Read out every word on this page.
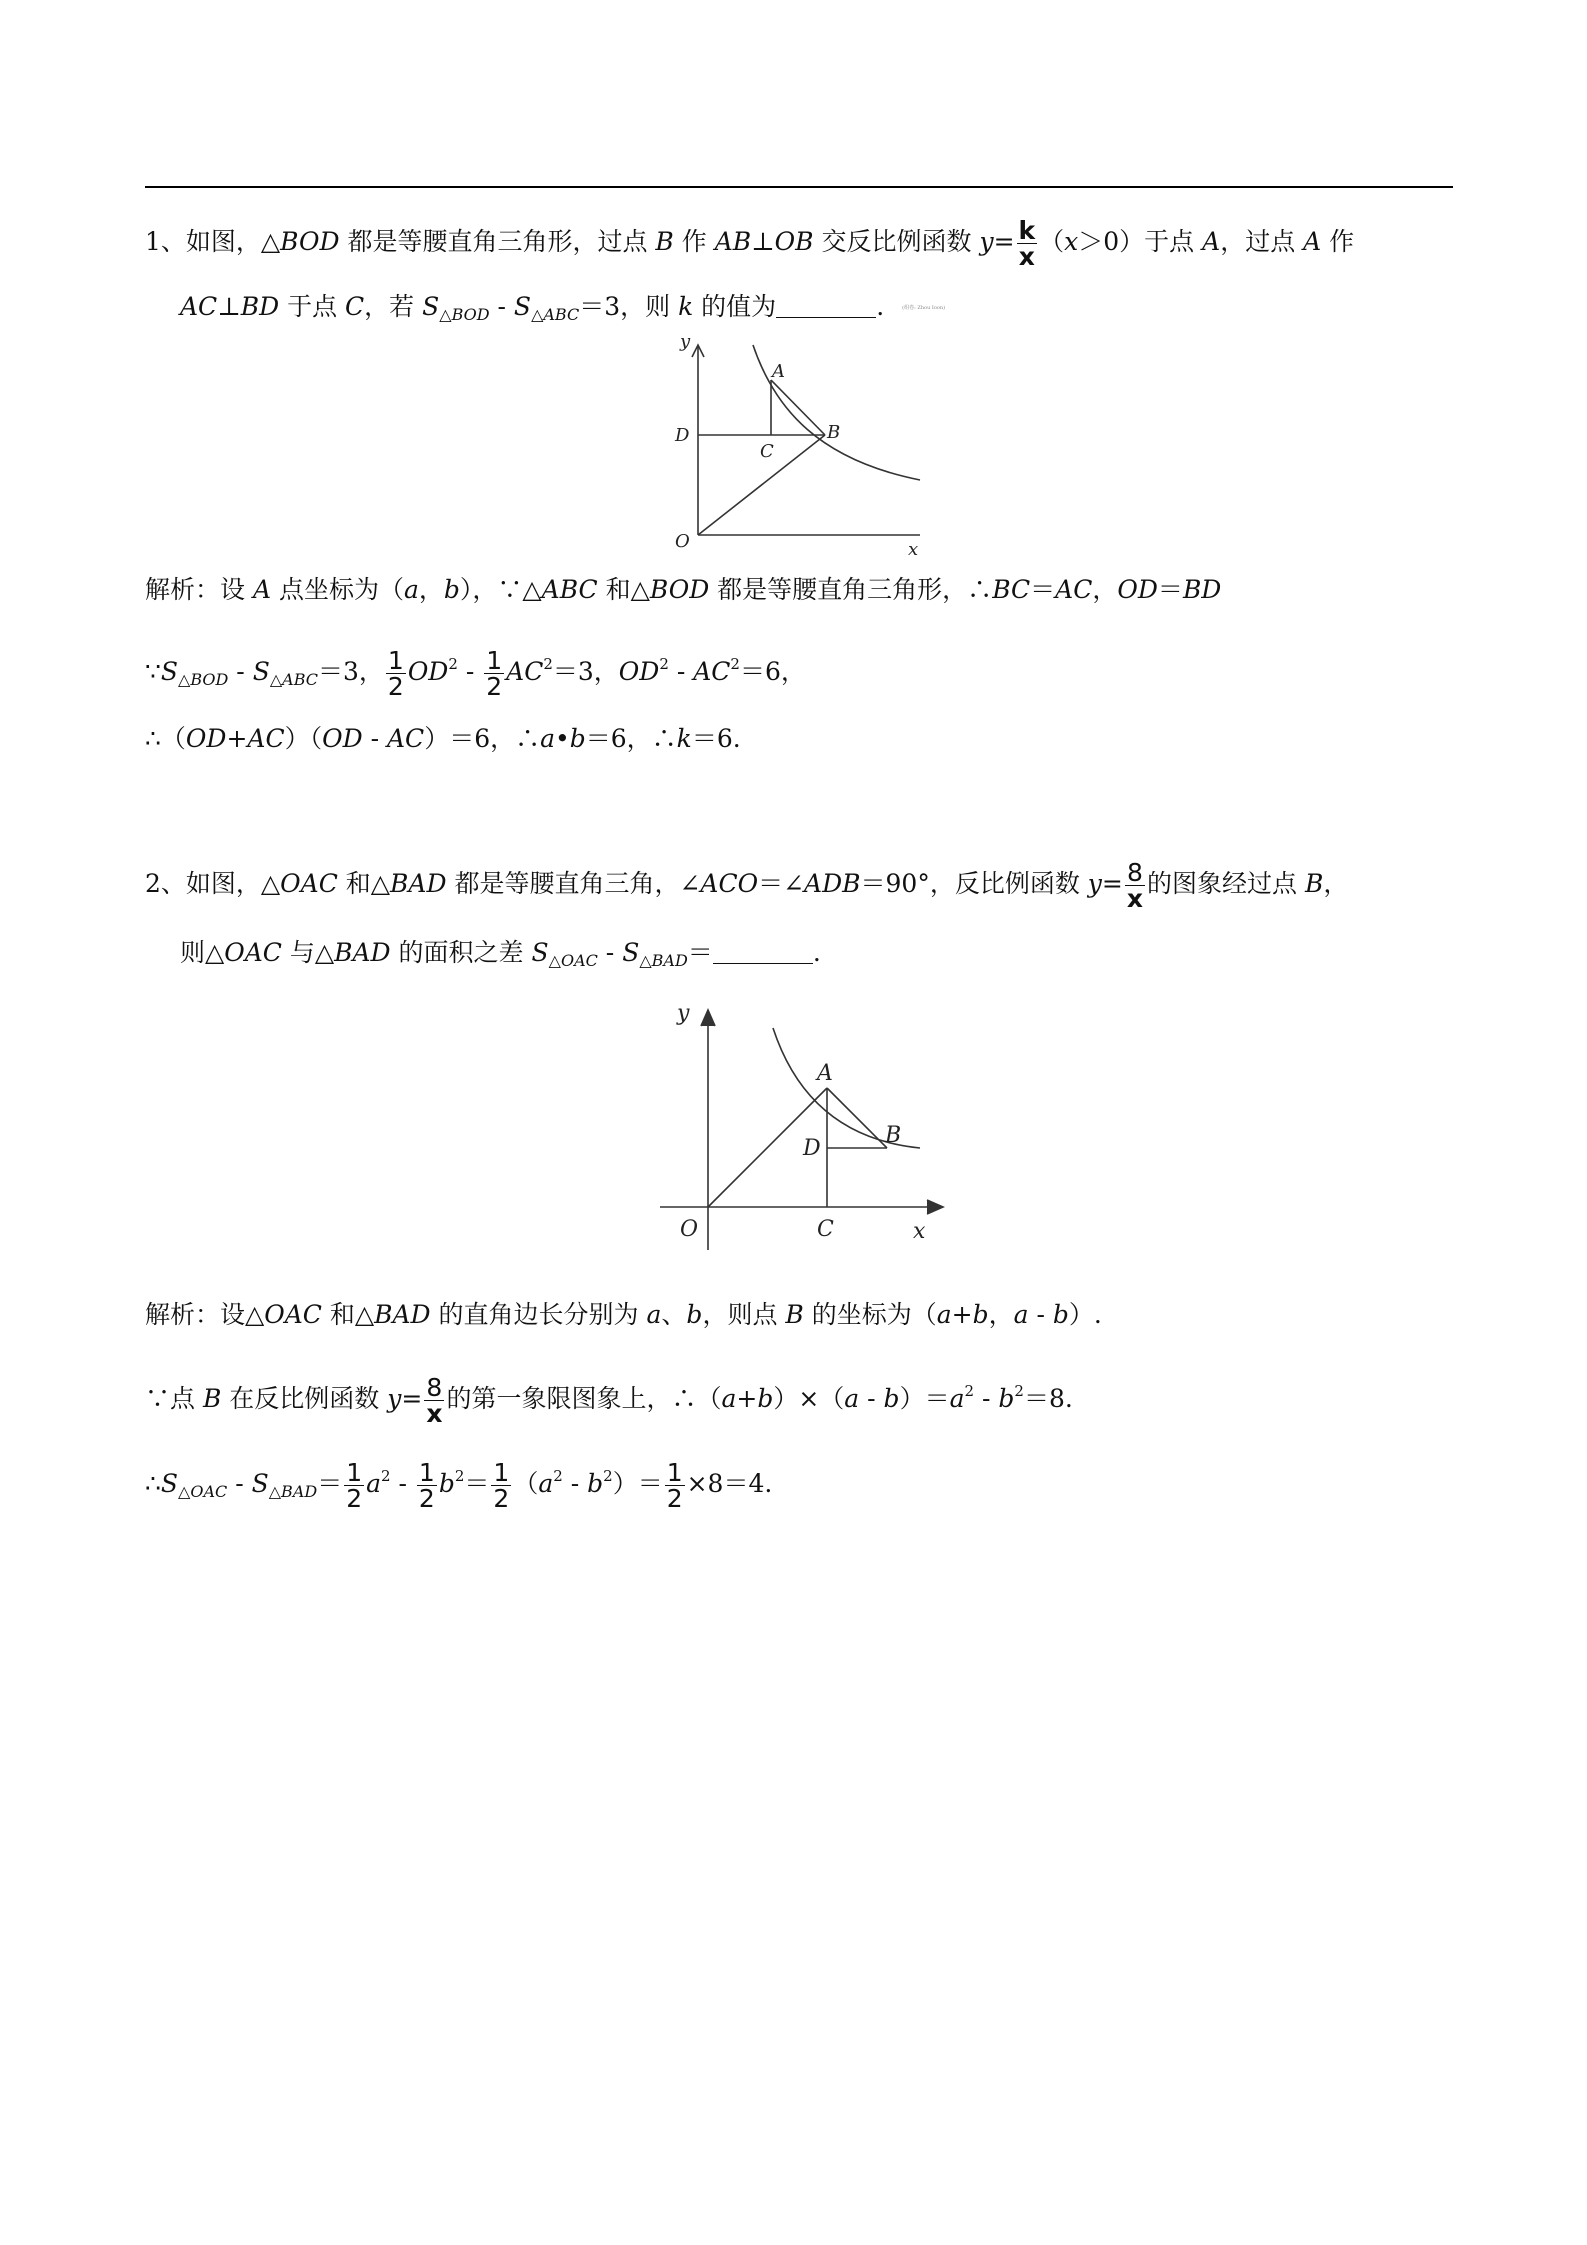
1、如图，△BOD 都是等腰直角三角形，过点 B 作 AB⊥OB 交反比例函数 $y= \frac{k}{x} (x>0)$于点 A，过点 A 作
AC⊥BD 于点 C，若 $S_{\triangle BOD} - S_{\triangle ABC}=3$，则 k 的值为	.	$^{(组卷: Zhou Ioon)}$
y
x
O
D
C
A
B
解析：设 A 点坐标为（a，b），∵△ABC 和△BOD 都是等腰直角三角形，∴BC＝AC，OD＝BD
$\because S_{\triangle BOD} - S_{\triangle ABC}=3$， $\frac{1}{2} OD^2 - \frac{1}{2} AC^2=3$，$OD^2 - AC^2=6$，
∴（OD+AC）（OD - AC）＝6，∴a•b＝6，∴k＝6.
2、如图，△OAC 和△BAD 都是等腰直角三角，∠ACO＝∠ADB＝90°，反比例函数 $y= \frac{8}{x}$ 的图象经过点 B，
则△OAC 与△BAD 的面积之差 $S_{\triangle OAC} - S_{\triangle BAD}=$	.
y
x
O	C
D
A
B
解析：设△OAC 和△BAD 的直角边长分别为 a、b，则点 B 的坐标为（a+b，a - b）.
∵点 B 在反比例函数 $y= \frac{8}{x}$ 的第一象限图象上，∴（a+b）×（a - $b)=a^2 - b^2=8$.
$\therefore S_{\triangle OAC} - S_{\triangle BAD}= \frac{1}{2} a^2 - \frac{1}{2} b^2= \frac{1}{2} (a^2 - b^2)= \frac{1}{2} \times 8=4$.
